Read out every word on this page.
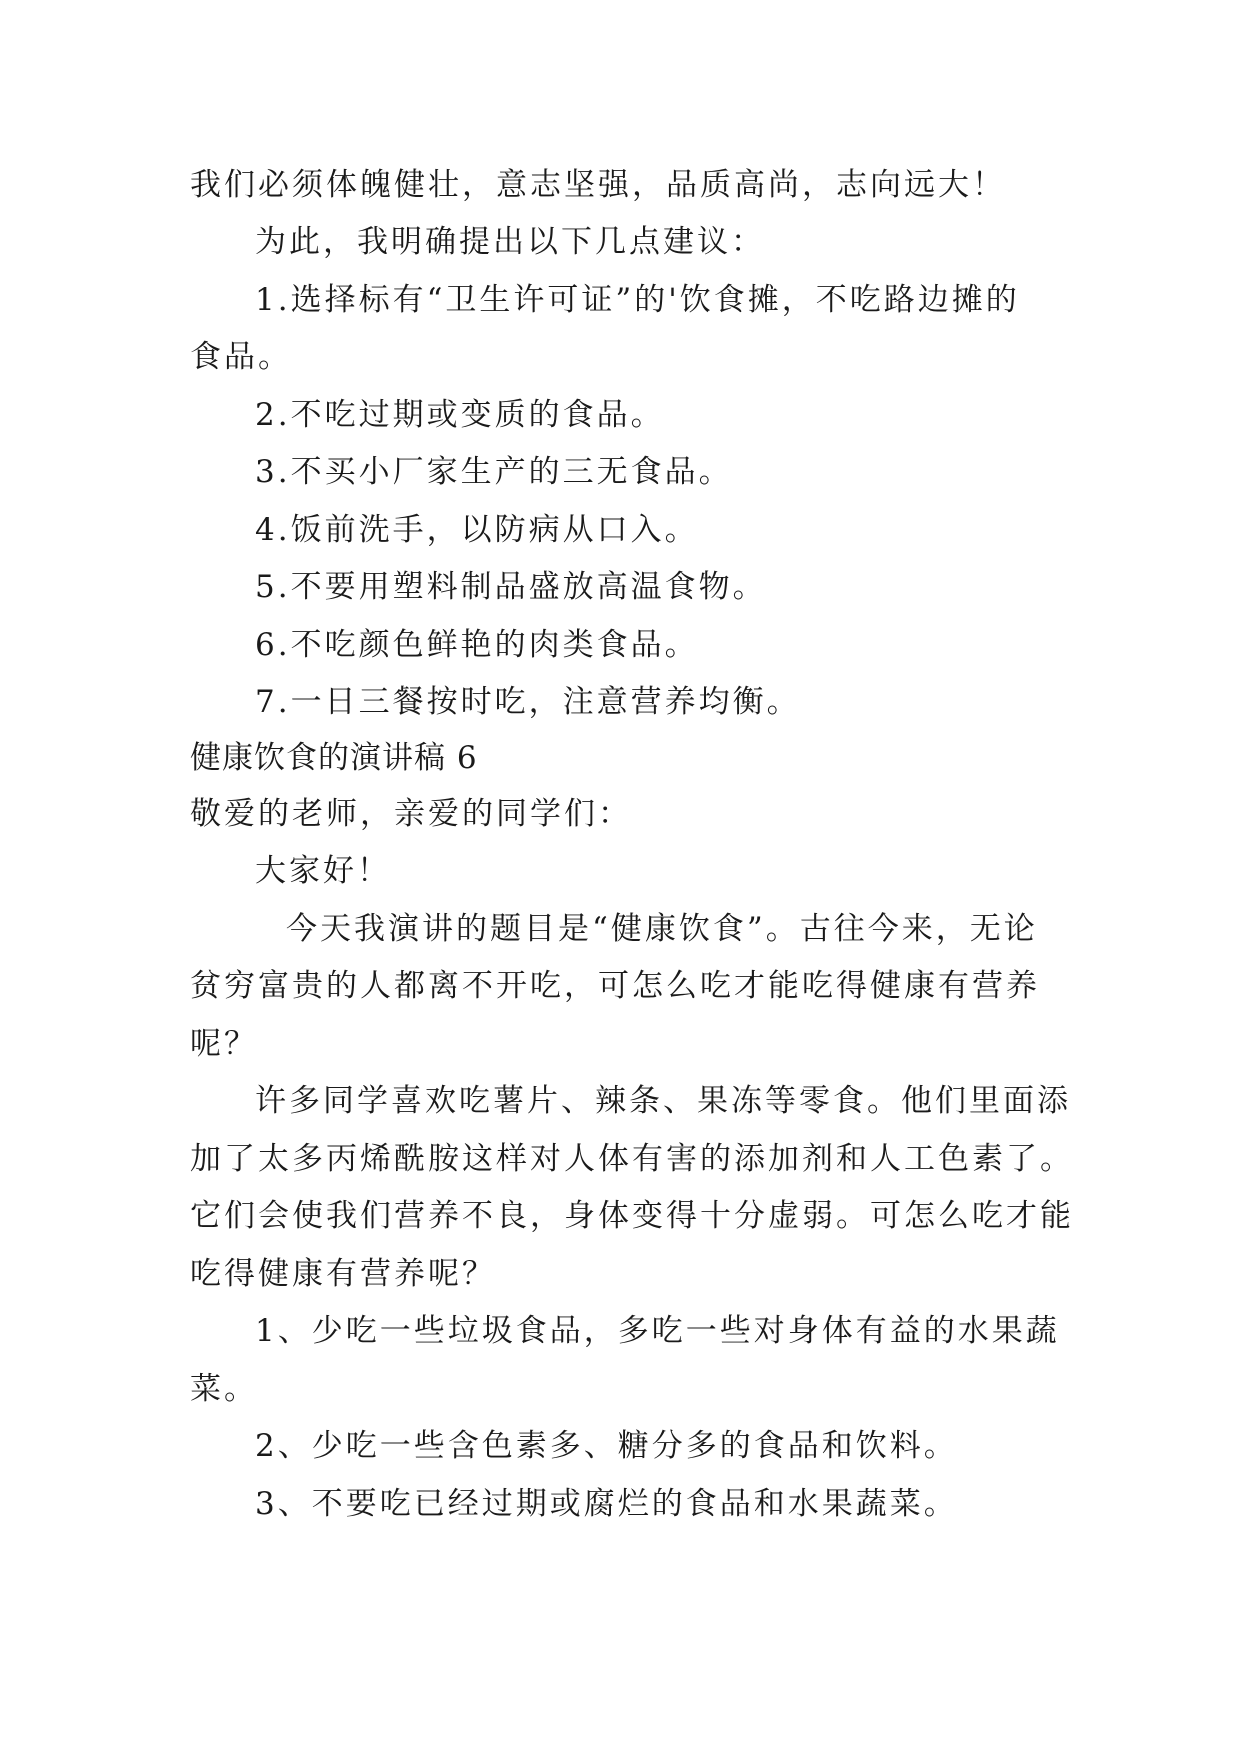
我们必须体魄健壮，意志坚强，品质高尚，志向远大！

为此，我明确提出以下几点建议：

1.选择标有“卫生许可证”的'饮食摊，不吃路边摊的

食品。

2.不吃过期或变质的食品。

3.不买小厂家生产的三无食品。

4.饭前洗手，以防病从口入。

5.不要用塑料制品盛放高温食物。

6.不吃颜色鲜艳的肉类食品。

7.一日三餐按时吃，注意营养均衡。

健康饮食的演讲稿 6

敬爱的老师，亲爱的同学们：

大家好！

今天我演讲的题目是“健康饮食”。古往今来，无论

贫穷富贵的人都离不开吃，可怎么吃才能吃得健康有营养

呢？

许多同学喜欢吃薯片、辣条、果冻等零食。他们里面添

加了太多丙烯酰胺这样对人体有害的添加剂和人工色素了。

它们会使我们营养不良，身体变得十分虚弱。可怎么吃才能

吃得健康有营养呢？

1、少吃一些垃圾食品，多吃一些对身体有益的水果蔬

菜。

2、少吃一些含色素多、糖分多的食品和饮料。

3、不要吃已经过期或腐烂的食品和水果蔬菜。
